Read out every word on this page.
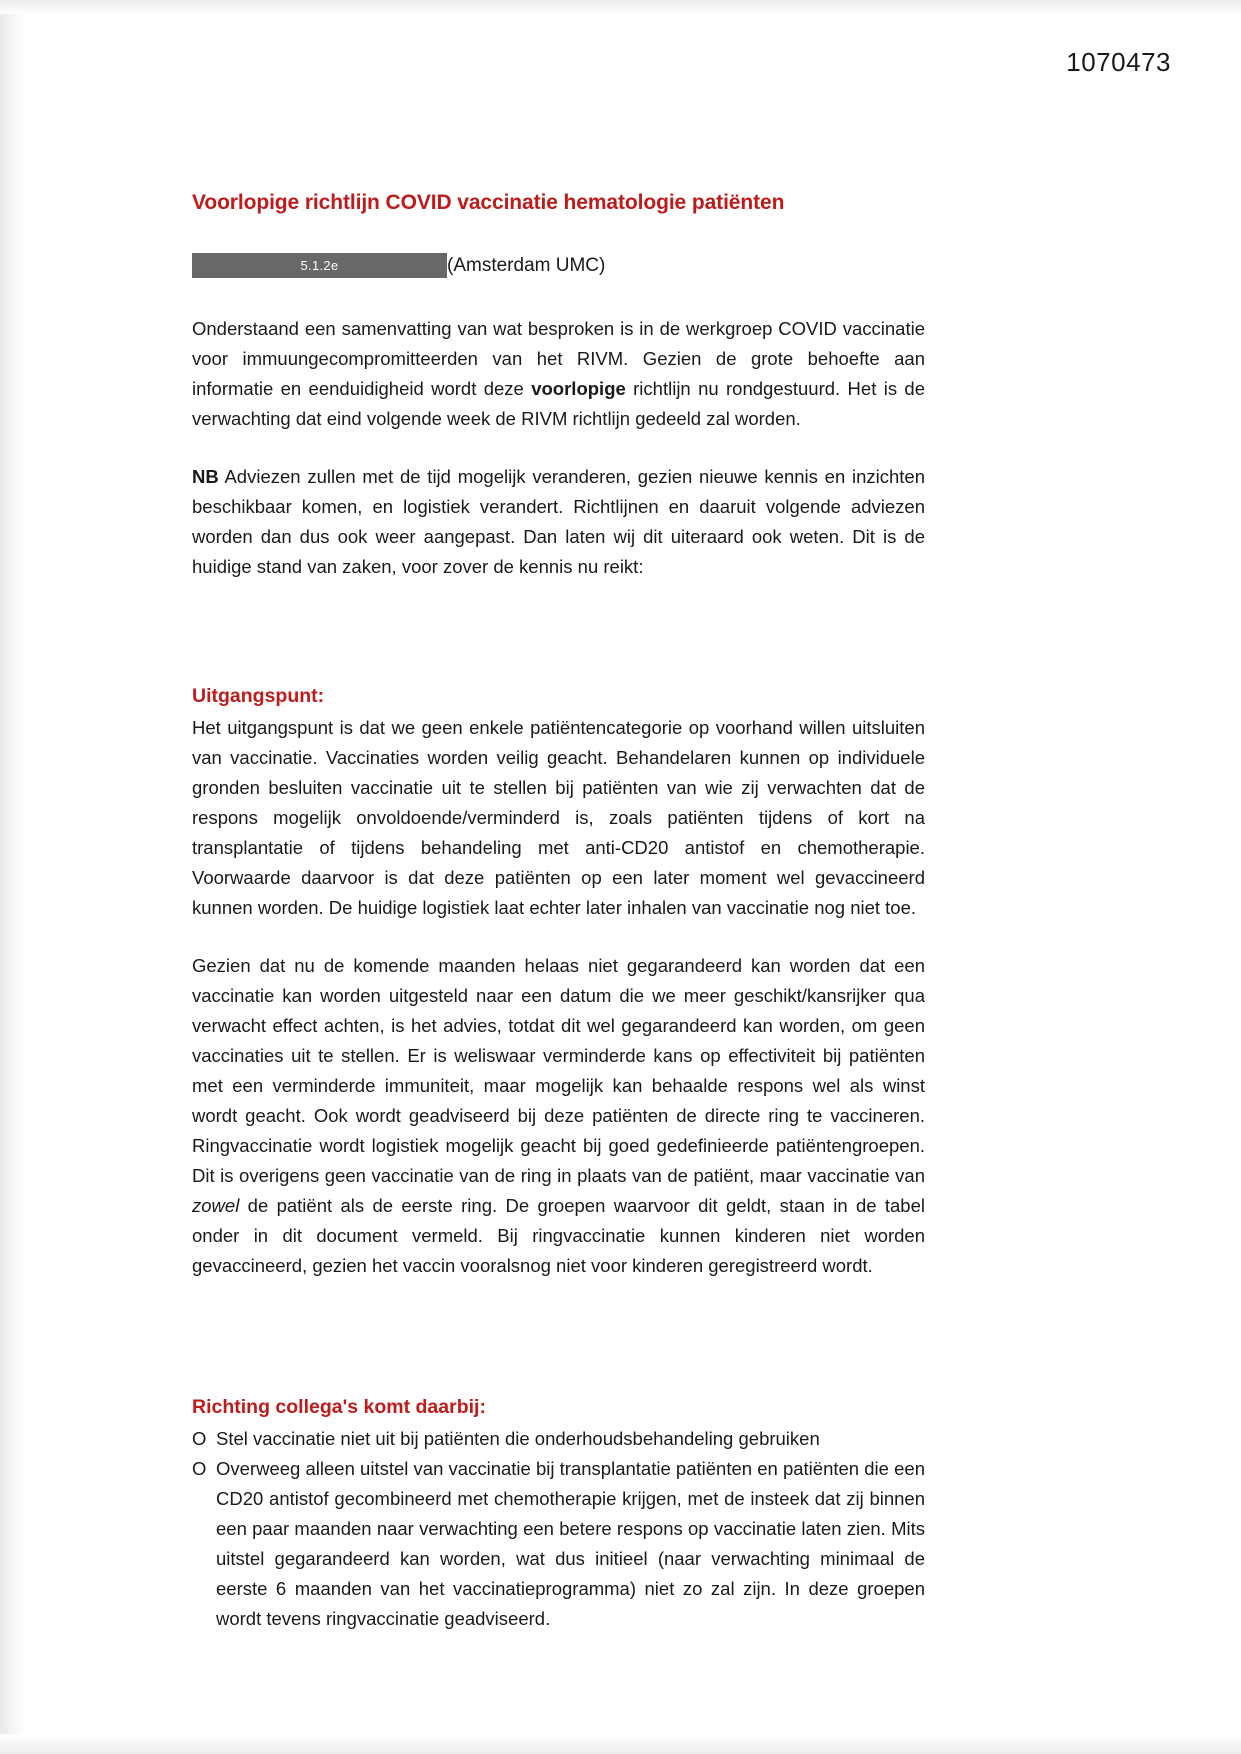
1070473
Voorlopige richtlijn COVID vaccinatie hematologie patiënten
5.1.2e	(Amsterdam UMC)

Onderstaand een samenvatting van wat besproken is in de werkgroep COVID vaccinatie voor immuungecompromitteerden van het RIVM. Gezien de grote behoefte aan informatie en eenduidigheid wordt deze voorlopige richtlijn nu rondgestuurd. Het is de verwachting dat eind volgende week de RIVM richtlijn gedeeld zal worden.

NB Adviezen zullen met de tijd mogelijk veranderen, gezien nieuwe kennis en inzichten beschikbaar komen, en logistiek verandert. Richtlijnen en daaruit volgende adviezen worden dan dus ook weer aangepast. Dan laten wij dit uiteraard ook weten. Dit is de huidige stand van zaken, voor zover de kennis nu reikt:

Uitgangspunt:

Het uitgangspunt is dat we geen enkele patiëntencategorie op voorhand willen uitsluiten van vaccinatie. Vaccinaties worden veilig geacht. Behandelaren kunnen op individuele gronden besluiten vaccinatie uit te stellen bij patiënten van wie zij verwachten dat de respons mogelijk onvoldoende/verminderd is, zoals patiënten tijdens of kort na transplantatie of tijdens behandeling met anti-CD20 antistof en chemotherapie. Voorwaarde daarvoor is dat deze patiënten op een later moment wel gevaccineerd kunnen worden. De huidige logistiek laat echter later inhalen van vaccinatie nog niet toe.

Gezien dat nu de komende maanden helaas niet gegarandeerd kan worden dat een vaccinatie kan worden uitgesteld naar een datum die we meer geschikt/kansrijker qua verwacht effect achten, is het advies, totdat dit wel gegarandeerd kan worden, om geen vaccinaties uit te stellen. Er is weliswaar verminderde kans op effectiviteit bij patiënten met een verminderde immuniteit, maar mogelijk kan behaalde respons wel als winst wordt geacht. Ook wordt geadviseerd bij deze patiënten de directe ring te vaccineren. Ringvaccinatie wordt logistiek mogelijk geacht bij goed gedefinieerde patiëntengroepen. Dit is overigens geen vaccinatie van de ring in plaats van de patiënt, maar vaccinatie van zowel de patiënt als de eerste ring. De groepen waarvoor dit geldt, staan in de tabel onder in dit document vermeld. Bij ringvaccinatie kunnen kinderen niet worden gevaccineerd, gezien het vaccin vooralsnog niet voor kinderen geregistreerd wordt.

Richting collega's komt daarbij:
O Stel vaccinatie niet uit bij patiënten die onderhoudsbehandeling gebruiken
O Overweeg alleen uitstel van vaccinatie bij transplantatie patiënten en patiënten die een CD20 antistof gecombineerd met chemotherapie krijgen, met de insteek dat zij binnen een paar maanden naar verwachting een betere respons op vaccinatie laten zien. Mits uitstel gegarandeerd kan worden, wat dus initieel (naar verwachting minimaal de eerste 6 maanden van het vaccinatieprogramma) niet zo zal zijn. In deze groepen wordt tevens ringvaccinatie geadviseerd.
